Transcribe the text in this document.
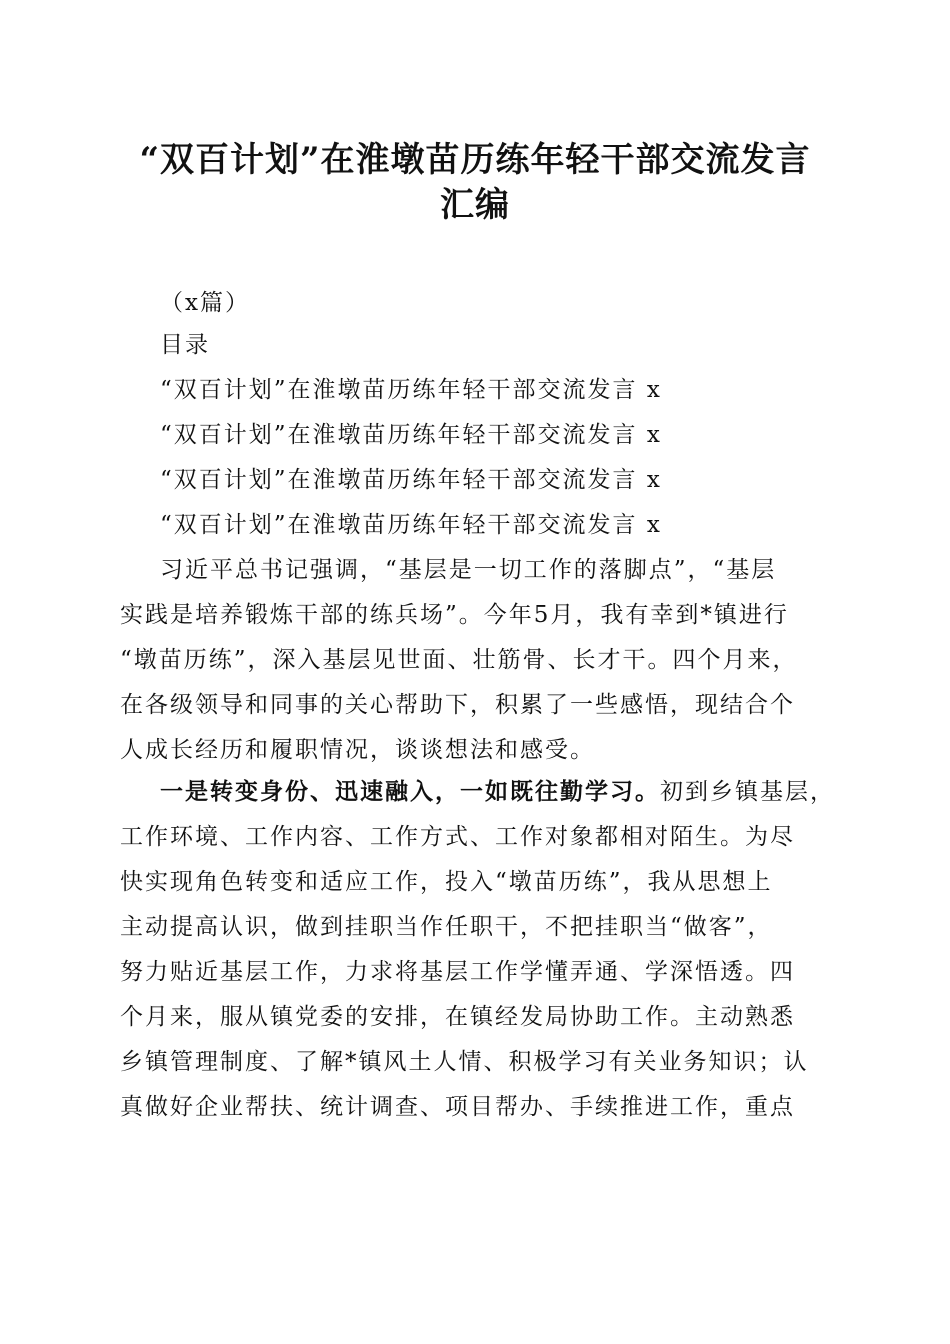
“双百计划”在淮墩苗历练年轻干部交流发言
汇编
（x篇）
目录
“双百计划”在淮墩苗历练年轻干部交流发言 x
“双百计划”在淮墩苗历练年轻干部交流发言 x
“双百计划”在淮墩苗历练年轻干部交流发言 x
“双百计划”在淮墩苗历练年轻干部交流发言 x
习近平总书记强调，“基层是一切工作的落脚点”，“基层
实践是培养锻炼干部的练兵场”。今年5月，我有幸到*镇进行
“墩苗历练”，深入基层见世面、壮筋骨、长才干。四个月来，
在各级领导和同事的关心帮助下，积累了一些感悟，现结合个
人成长经历和履职情况，谈谈想法和感受。
一是转变身份、迅速融入，一如既往勤学习。初到乡镇基层，
工作环境、工作内容、工作方式、工作对象都相对陌生。为尽
快实现角色转变和适应工作，投入“墩苗历练”，我从思想上
主动提高认识，做到挂职当作任职干，不把挂职当“做客”，
努力贴近基层工作，力求将基层工作学懂弄通、学深悟透。四
个月来，服从镇党委的安排，在镇经发局协助工作。主动熟悉
乡镇管理制度、了解*镇风土人情、积极学习有关业务知识；认
真做好企业帮扶、统计调查、项目帮办、手续推进工作，重点
